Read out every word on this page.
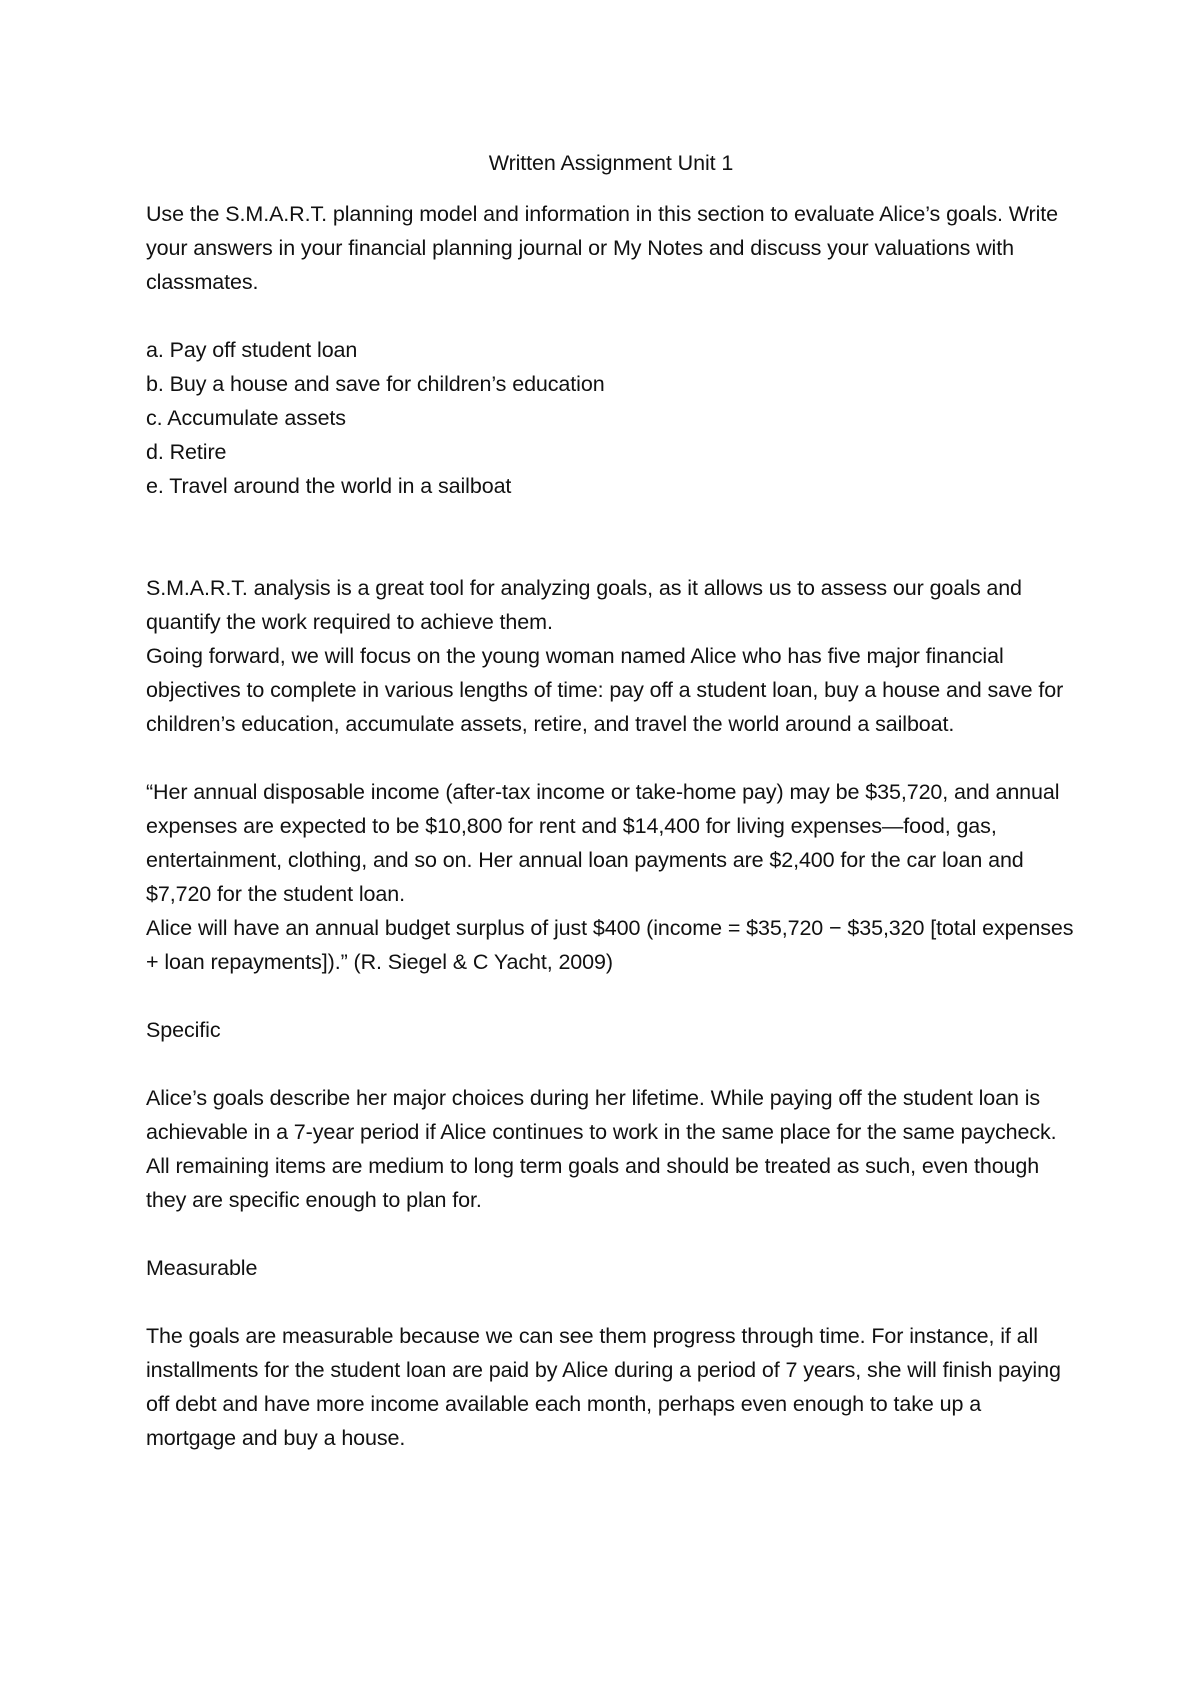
Written Assignment Unit 1

Use the S.M.A.R.T. planning model and information in this section to evaluate Alice’s goals. Write your answers in your financial planning journal or My Notes and discuss your valuations with classmates.

a. Pay off student loan
b. Buy a house and save for children’s education
c. Accumulate assets
d. Retire
e. Travel around the world in a sailboat

S.M.A.R.T. analysis is a great tool for analyzing goals, as it allows us to assess our goals and quantify the work required to achieve them.

Going forward, we will focus on the young woman named Alice who has five major financial objectives to complete in various lengths of time: pay off a student loan, buy a house and save for children’s education, accumulate assets, retire, and travel the world around a sailboat.

“Her annual disposable income (after-tax income or take-home pay) may be $35,720, and annual expenses are expected to be $10,800 for rent and $14,400 for living expenses—food, gas, entertainment, clothing, and so on. Her annual loan payments are $2,400 for the car loan and $7,720 for the student loan.

Alice will have an annual budget surplus of just $400 (income = $35,720 − $35,320 [total expenses + loan repayments]).” (R. Siegel & C Yacht, 2009)

Specific

Alice’s goals describe her major choices during her lifetime. While paying off the student loan is achievable in a 7-year period if Alice continues to work in the same place for the same paycheck. All remaining items are medium to long term goals and should be treated as such, even though they are specific enough to plan for.

Measurable

The goals are measurable because we can see them progress through time. For instance, if all installments for the student loan are paid by Alice during a period of 7 years, she will finish paying off debt and have more income available each month, perhaps even enough to take up a mortgage and buy a house.
